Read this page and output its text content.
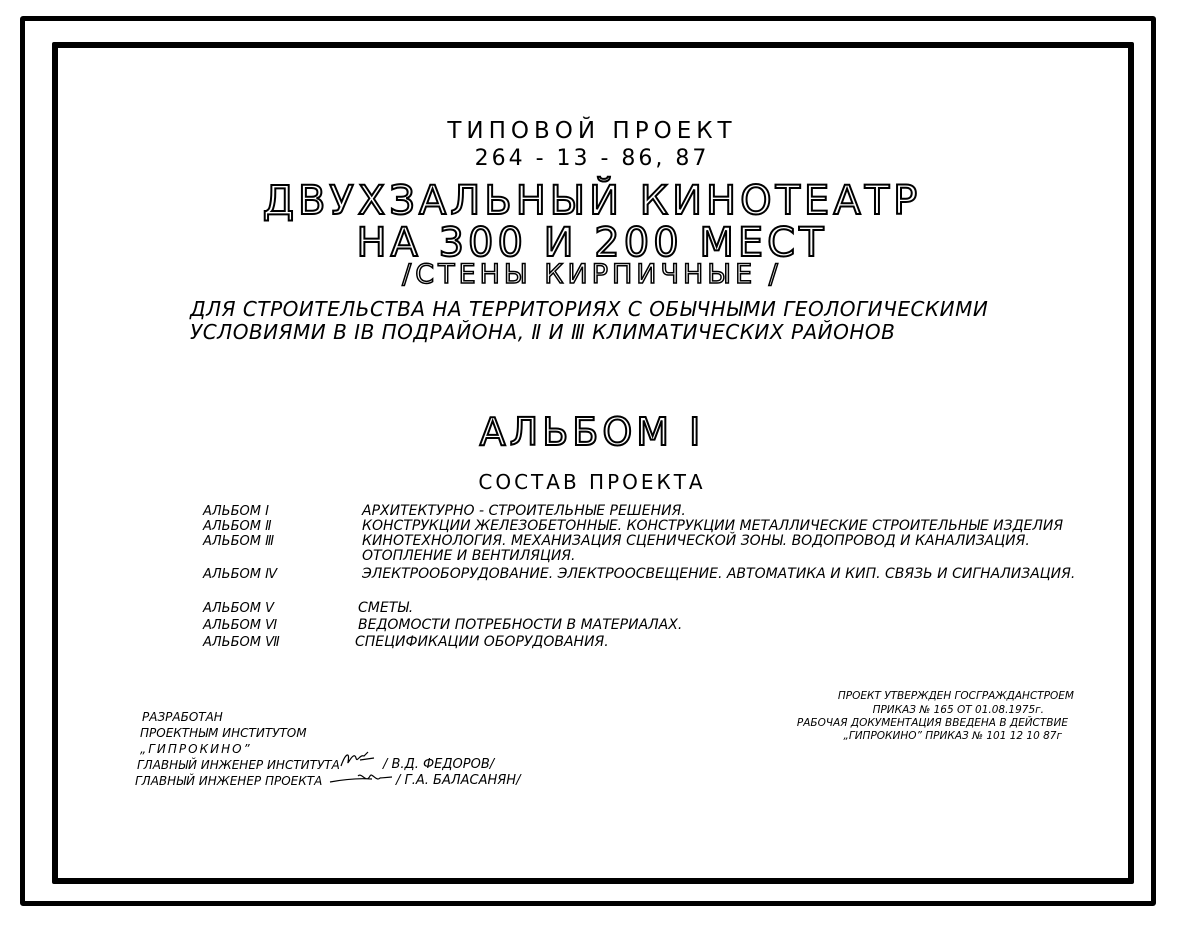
ТИПОВОЙ ПРОЕКТ
264 - 13 - 86, 87
ДВУХЗАЛЬНЫЙ КИНОТЕАТР
НА 300 И 200 МЕСТ
/СТЕНЫ КИРПИЧНЫЕ /
ДЛЯ СТРОИТЕЛЬСТВА НА ТЕРРИТОРИЯХ С ОБЫЧНЫМИ ГЕОЛОГИЧЕСКИМИ
УСЛОВИЯМИ В ⅠВ ПОДРАЙОНА, Ⅱ И Ⅲ КЛИМАТИЧЕСКИХ РАЙОНОВ
АЛЬБОМ Ⅰ
СОСТАВ ПРОЕКТА
АЛЬБОМ Ⅰ	АРХИТЕКТУРНО - СТРОИТЕЛЬНЫЕ РЕШЕНИЯ.
АЛЬБОМ Ⅱ	КОНСТРУКЦИИ ЖЕЛЕЗОБЕТОННЫЕ. КОНСТРУКЦИИ МЕТАЛЛИЧЕСКИЕ СТРОИТЕЛЬНЫЕ ИЗДЕЛИЯ
АЛЬБОМ Ⅲ	КИНОТЕХНОЛОГИЯ. МЕХАНИЗАЦИЯ СЦЕНИЧЕСКОЙ ЗОНЫ. ВОДОПРОВОД И КАНАЛИЗАЦИЯ.
ОТОПЛЕНИЕ И ВЕНТИЛЯЦИЯ.
АЛЬБОМ Ⅳ	ЭЛЕКТРООБОРУДОВАНИЕ. ЭЛЕКТРООСВЕЩЕНИЕ. АВТОМАТИКА И КИП. СВЯЗЬ И СИГНАЛИЗАЦИЯ.
АЛЬБОМ Ⅴ	СМЕТЫ.
АЛЬБОМ Ⅵ	ВЕДОМОСТИ ПОТРЕБНОСТИ В МАТЕРИАЛАХ.
АЛЬБОМ Ⅶ	СПЕЦИФИКАЦИИ ОБОРУДОВАНИЯ.
РАЗРАБОТАН
ПРОЕКТНЫМ ИНСТИТУТОМ
„ГИПРОКИНО”
ГЛАВНЫЙ ИНЖЕНЕР ИНСТИТУТА	/ В.Д. ФЕДОРОВ/
ГЛАВНЫЙ ИНЖЕНЕР ПРОЕКТА	/ Г.А. БАЛАСАНЯН/
ПРОЕКТ УТВЕРЖДЕН ГОСГРАЖДАНСТРОЕМ
ПРИКАЗ № 165 ОТ 01.08.1975г.
РАБОЧАЯ ДОКУМЕНТАЦИЯ ВВЕДЕНА В ДЕЙСТВИЕ
„ГИПРОКИНО” ПРИКАЗ № 101 12 10 87г
